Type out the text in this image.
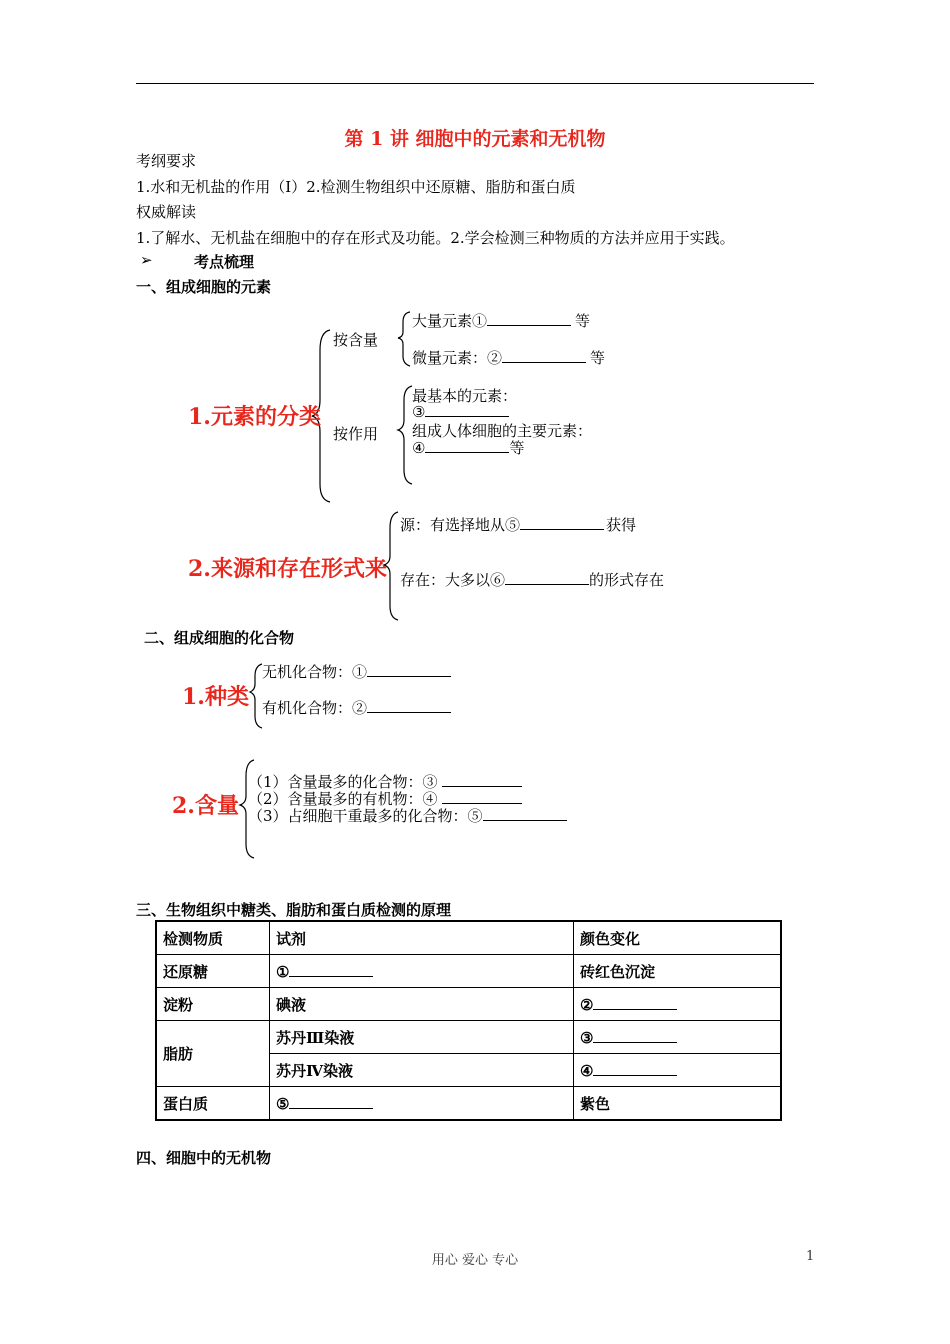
第 1 讲 细胞中的元素和无机物
考纲要求
1.水和无机盐的作用（Ⅰ）2.检测生物组织中还原糖、脂肪和蛋白质
权威解读
1.了解水、无机盐在细胞中的存在形式及功能。2.学会检测三种物质的方法并应用于实践。
➢	考点梳理
一、组成细胞的元素
1.元素的分类
按含量
大量元素①	等
微量元素：②	等
按作用
最基本的元素：
③
组成人体细胞的主要元素：
④	等
2.来源和存在形式来
源：有选择地从⑤	获得
存在：大多以⑥	的形式存在
二、组成细胞的化合物
1.种类
无机化合物：①
有机化合物：②
2.含量
（1）含量最多的化合物：③
（2）含量最多的有机物：④
（3）占细胞干重最多的化合物：⑤
三、生物组织中糖类、脂肪和蛋白质检测的原理
检测物质	试剂	颜色变化
还原糖	①	砖红色沉淀
淀粉	碘液	②
脂肪	苏丹Ⅲ染液	③
	苏丹Ⅳ染液	④
蛋白质	⑤	紫色
四、细胞中的无机物
用心 爱心 专心	1
